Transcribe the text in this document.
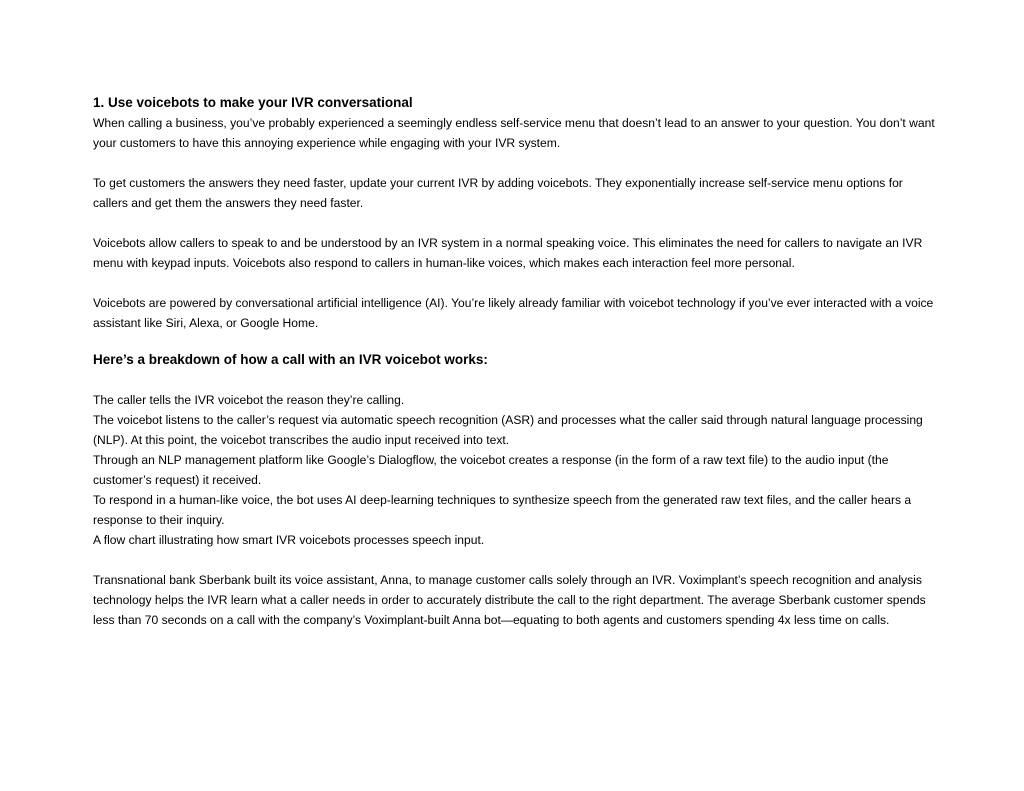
1. Use voicebots to make your IVR conversational

When calling a business, you’ve probably experienced a seemingly endless self-service menu that doesn’t lead to an answer to your question. You don’t want your customers to have this annoying experience while engaging with your IVR system.

To get customers the answers they need faster, update your current IVR by adding voicebots. They exponentially increase self-service menu options for callers and get them the answers they need faster.

Voicebots allow callers to speak to and be understood by an IVR system in a normal speaking voice. This eliminates the need for callers to navigate an IVR menu with keypad inputs. Voicebots also respond to callers in human-like voices, which makes each interaction feel more personal.

Voicebots are powered by conversational artificial intelligence (AI). You’re likely already familiar with voicebot technology if you’ve ever interacted with a voice assistant like Siri, Alexa, or Google Home.

Here’s a breakdown of how a call with an IVR voicebot works:
The caller tells the IVR voicebot the reason they’re calling.
The voicebot listens to the caller’s request via automatic speech recognition (ASR) and processes what the caller said through natural language processing (NLP). At this point, the voicebot transcribes the audio input received into text.
Through an NLP management platform like Google’s Dialogflow, the voicebot creates a response (in the form of a raw text file) to the audio input (the customer’s request) it received.
To respond in a human-like voice, the bot uses AI deep-learning techniques to synthesize speech from the generated raw text files, and the caller hears a response to their inquiry.
A flow chart illustrating how smart IVR voicebots processes speech input.

Transnational bank Sberbank built its voice assistant, Anna, to manage customer calls solely through an IVR. Voximplant’s speech recognition and analysis technology helps the IVR learn what a caller needs in order to accurately distribute the call to the right department. The average Sberbank customer spends less than 70 seconds on a call with the company’s Voximplant-built Anna bot—equating to both agents and customers spending 4x less time on calls.
